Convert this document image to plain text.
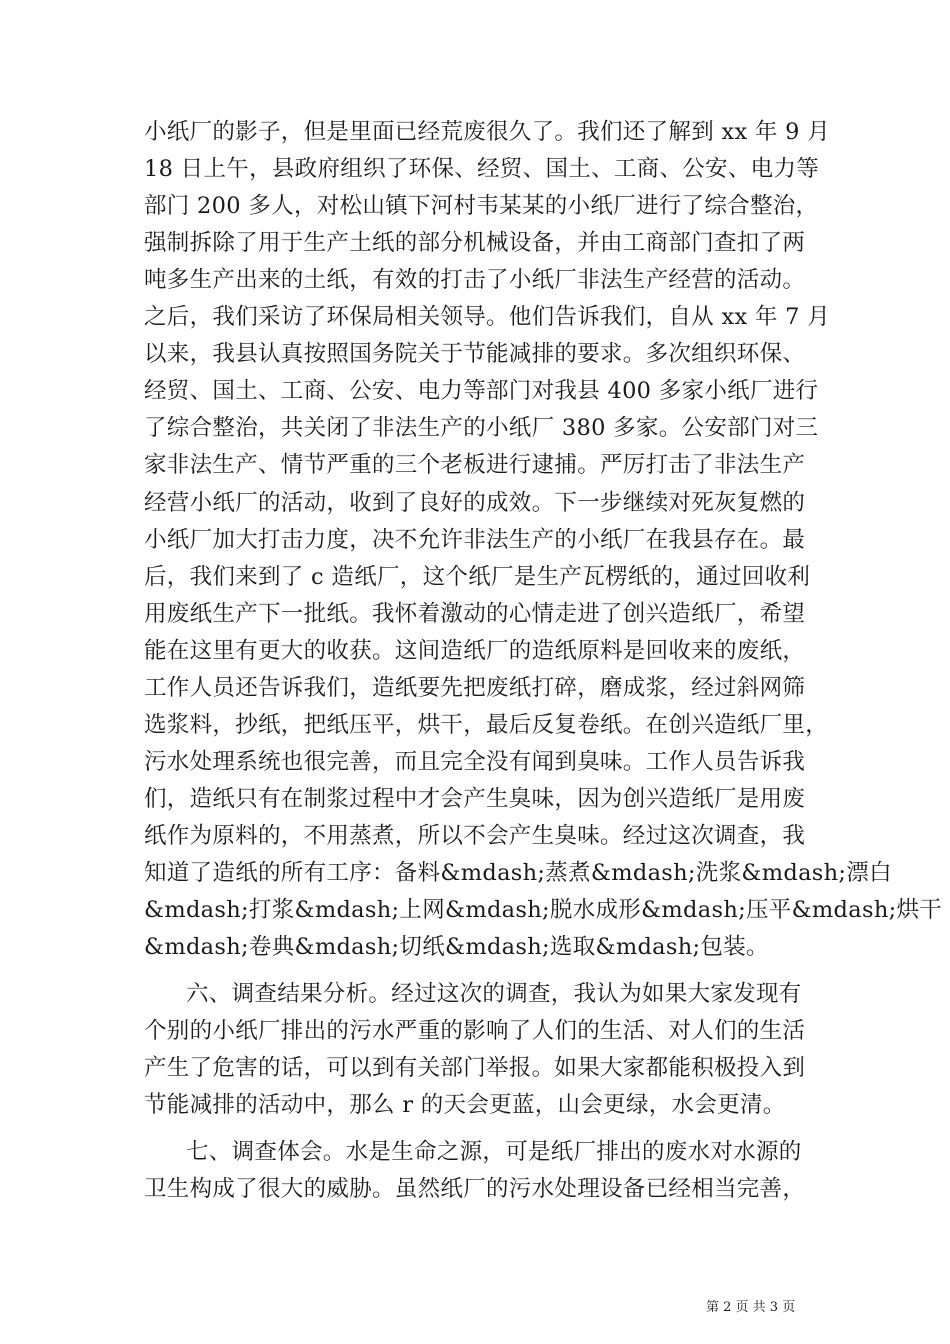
小纸厂的影子，但是里面已经荒废很久了。我们还了解到 xx 年 9 月
18 日上午，县政府组织了环保、经贸、国土、工商、公安、电力等
部门 200 多人，对松山镇下河村韦某某的小纸厂进行了综合整治，
强制拆除了用于生产土纸的部分机械设备，并由工商部门查扣了两
吨多生产出来的土纸，有效的打击了小纸厂非法生产经营的活动。
之后，我们采访了环保局相关领导。他们告诉我们，自从 xx 年 7 月
以来，我县认真按照国务院关于节能减排的要求。多次组织环保、
经贸、国土、工商、公安、电力等部门对我县 400 多家小纸厂进行
了综合整治，共关闭了非法生产的小纸厂 380 多家。公安部门对三
家非法生产、情节严重的三个老板进行逮捕。严厉打击了非法生产
经营小纸厂的活动，收到了良好的成效。下一步继续对死灰复燃的
小纸厂加大打击力度，决不允许非法生产的小纸厂在我县存在。最
后，我们来到了 c 造纸厂，这个纸厂是生产瓦楞纸的，通过回收利
用废纸生产下一批纸。我怀着激动的心情走进了创兴造纸厂，希望
能在这里有更大的收获。这间造纸厂的造纸原料是回收来的废纸，
工作人员还告诉我们，造纸要先把废纸打碎，磨成浆，经过斜网筛
选浆料，抄纸，把纸压平，烘干，最后反复卷纸。在创兴造纸厂里，
污水处理系统也很完善，而且完全没有闻到臭味。工作人员告诉我
们，造纸只有在制浆过程中才会产生臭味，因为创兴造纸厂是用废
纸作为原料的，不用蒸煮，所以不会产生臭味。经过这次调查，我
知道了造纸的所有工序：备料&mdash;蒸煮&mdash;洗浆&mdash;漂白
&mdash;打浆&mdash;上网&mdash;脱水成形&mdash;压平&mdash;烘干
&mdash;卷典&mdash;切纸&mdash;选取&mdash;包装。
六、调查结果分析。经过这次的调查，我认为如果大家发现有
个别的小纸厂排出的污水严重的影响了人们的生活、对人们的生活
产生了危害的话，可以到有关部门举报。如果大家都能积极投入到
节能减排的活动中，那么 r 的天会更蓝，山会更绿，水会更清。
七、调查体会。水是生命之源，可是纸厂排出的废水对水源的
卫生构成了很大的威胁。虽然纸厂的污水处理设备已经相当完善，
第 2 页 共 3 页
